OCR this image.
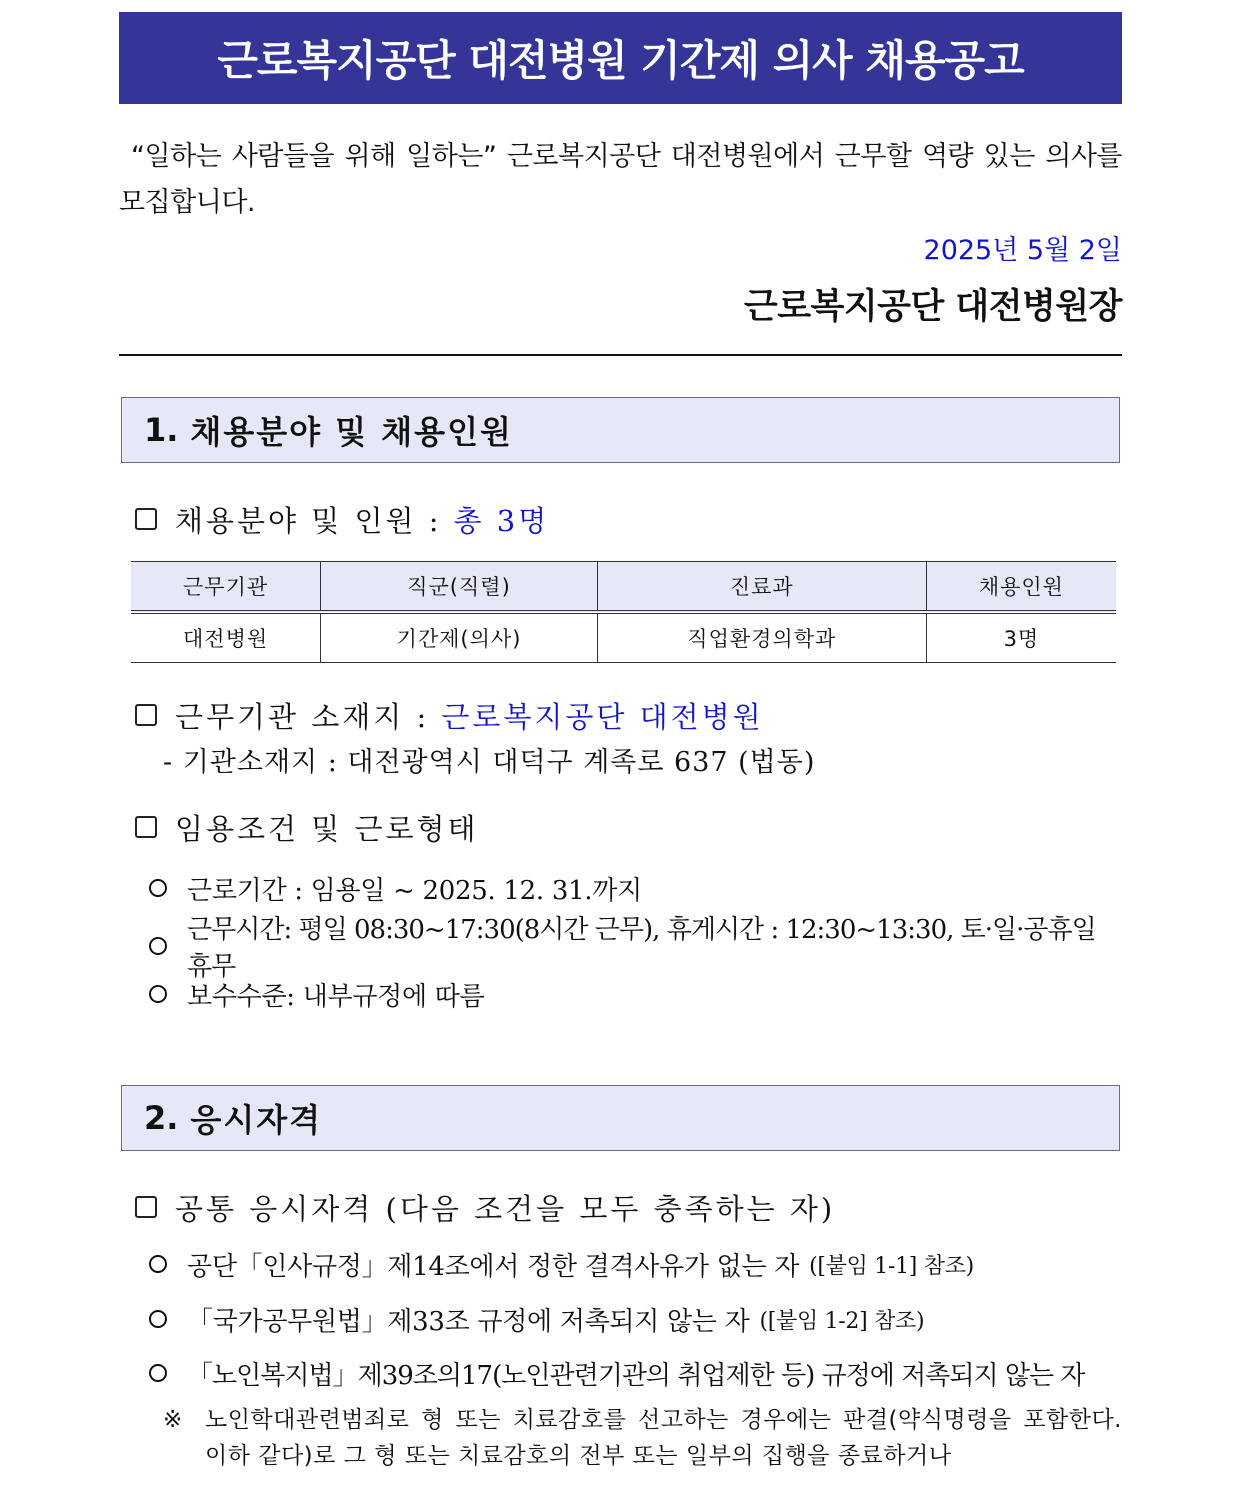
근로복지공단 대전병원 기간제 의사 채용공고
“일하는 사람들을 위해 일하는” 근로복지공단 대전병원에서 근무할 역량 있는 의사를 모집합니다.
2025년 5월 2일
근로복지공단 대전병원장
1. 채용분야 및 채용인원
채용분야 및 인원 : 총 3명
근무기관	직군(직렬)	진료과	채용인원
대전병원	기간제(의사)	직업환경의학과	3명
근무기관 소재지 : 근로복지공단 대전병원
- 기관소재지 : 대전광역시 대덕구 계족로 637 (법동)
임용조건 및 근로형태
근로기간 : 임용일 ~ 2025. 12. 31.까지
근무시간: 평일 08:30~17:30(8시간 근무), 휴게시간 : 12:30~13:30, 토·일·공휴일 휴무
보수수준: 내부규정에 따름
2. 응시자격
공통 응시자격 (다음 조건을 모두 충족하는 자)
공단「인사규정」제14조에서 정한 결격사유가 없는 자 ([붙임 1-1] 참조)
「국가공무원법」제33조 규정에 저촉되지 않는 자 ([붙임 1-2] 참조)
「노인복지법」제39조의17(노인관련기관의 취업제한 등) 규정에 저촉되지 않는 자
※ 노인학대관련범죄로 형 또는 치료감호를 선고하는 경우에는 판결(약식명령을 포함한다. 이하 같다)로 그 형 또는 치료감호의 전부 또는 일부의 집행을 종료하거나
